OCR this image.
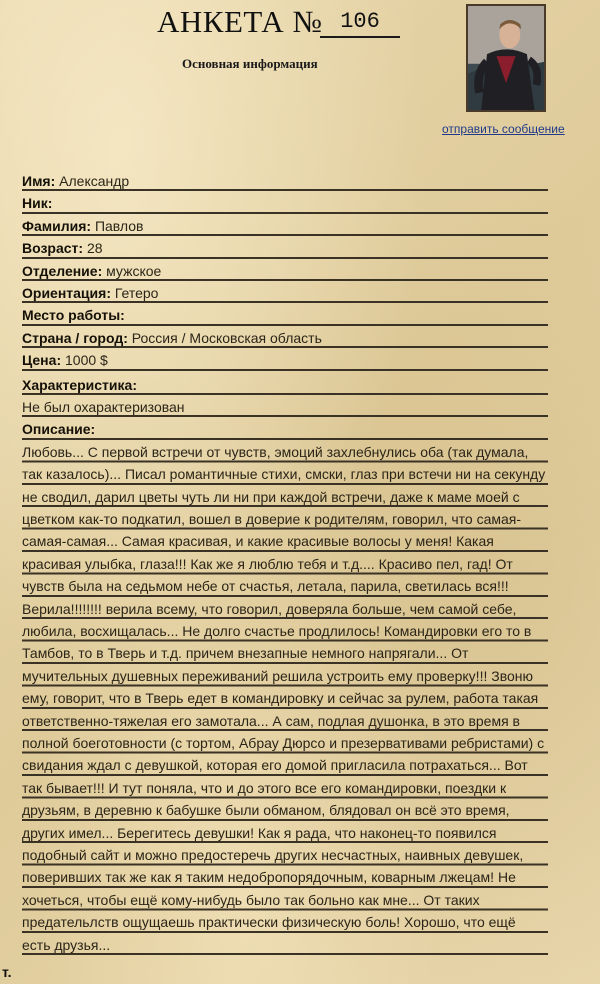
АНКЕТА № 106
Основная информация
отправить сообщение
Имя: Александр
Ник:
Фамилия: Павлов
Возраст: 28
Отделение: мужское
Ориентация: Гетеро
Место работы:
Страна / город: Россия / Московская область
Цена: 1000 $
Характеристика:
Не был охарактеризован
Описание:
Любовь... С первой встречи от чувств, эмоций захлебнулись оба (так думала, так казалось)... Писал романтичные стихи, смски, глаз при встечи ни на секунду не сводил, дарил цветы чуть ли ни при каждой встречи, даже к маме моей с цветком как-то подкатил, вошел в доверие к родителям, говорил, что самая-самая-самая... Самая красивая, и какие красивые волосы у меня! Какая красивая улыбка, глаза!!! Как же я люблю тебя и т.д.... Красиво пел, гад! От чувств была на седьмом небе от счастья, летала, парила, светилась вся!!! Верила!!!!!!!! верила всему, что говорил, доверяла больше, чем самой себе, любила, восхищалась... Не долго счастье продлилось! Командировки его то в Тамбов, то в Тверь и т.д. причем внезапные немного напрягали... От мучительных душевных переживаний решила устроить ему проверку!!! Звоню ему, говорит, что в Тверь едет в командировку и сейчас за рулем, работа такая ответственно-тяжелая его замотала... А сам, подлая душонка, в это время в полной боеготовности (с тортом, Абрау Дюрсо и презервативами ребристами) с свидания ждал с девушкой, которая его домой пригласила потрахаться... Вот так бывает!!! И тут поняла, что и до этого все его командировки, поездки к друзьям, в деревню к бабушке были обманом, блядовал он всё это время, других имел... Берегитесь девушки! Как я рада, что наконец-то появился подобный сайт и можно предостеречь других несчастных, наивных девушек, поверивших так же как я таким недобропорядочным, коварным лжецам! Не хочеться, чтобы ещё кому-нибудь было так больно как мне... От таких предательлств ощущаешь практически физическую боль! Хорошо, что ещё есть друзья...
т.
